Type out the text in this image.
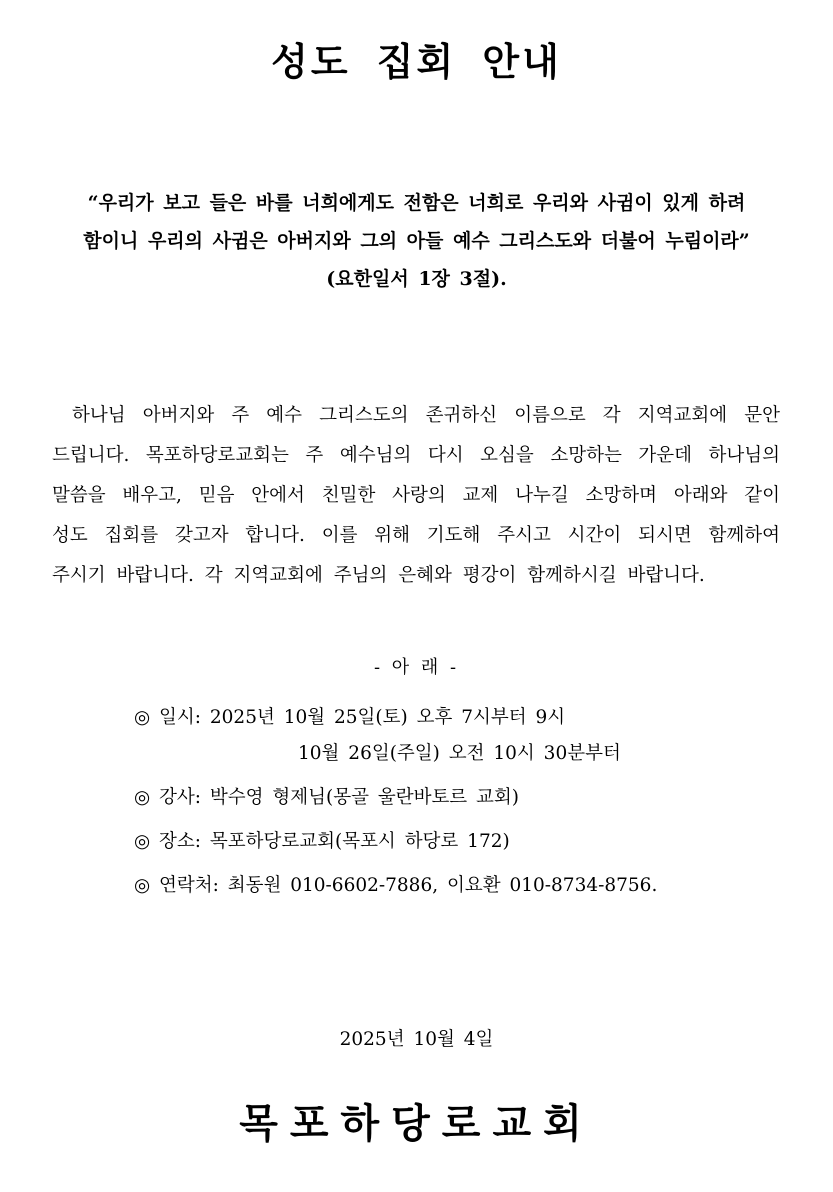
성도 집회 안내
“우리가 보고 들은 바를 너희에게도 전함은 너희로 우리와 사귐이 있게 하려
함이니 우리의 사귐은 아버지와 그의 아들 예수 그리스도와 더불어 누림이라”
(요한일서 1장 3절).
하나님 아버지와 주 예수 그리스도의 존귀하신 이름으로 각 지역교회에 문안
드립니다. 목포하당로교회는 주 예수님의 다시 오심을 소망하는 가운데 하나님의
말씀을 배우고, 믿음 안에서 친밀한 사랑의 교제 나누길 소망하며 아래와 같이
성도 집회를 갖고자 합니다. 이를 위해 기도해 주시고 시간이 되시면 함께하여
주시기 바랍니다. 각 지역교회에 주님의 은혜와 평강이 함께하시길 바랍니다.
- 아 래 -
◎ 일시: 2025년 10월 25일(토) 오후 7시부터 9시
10월 26일(주일) 오전 10시 30분부터
◎ 강사: 박수영 형제님(몽골 울란바토르 교회)
◎ 장소: 목포하당로교회(목포시 하당로 172)
◎ 연락처: 최동원 010-6602-7886, 이요환 010-8734-8756.
2025년 10월 4일
목포하당로교회
